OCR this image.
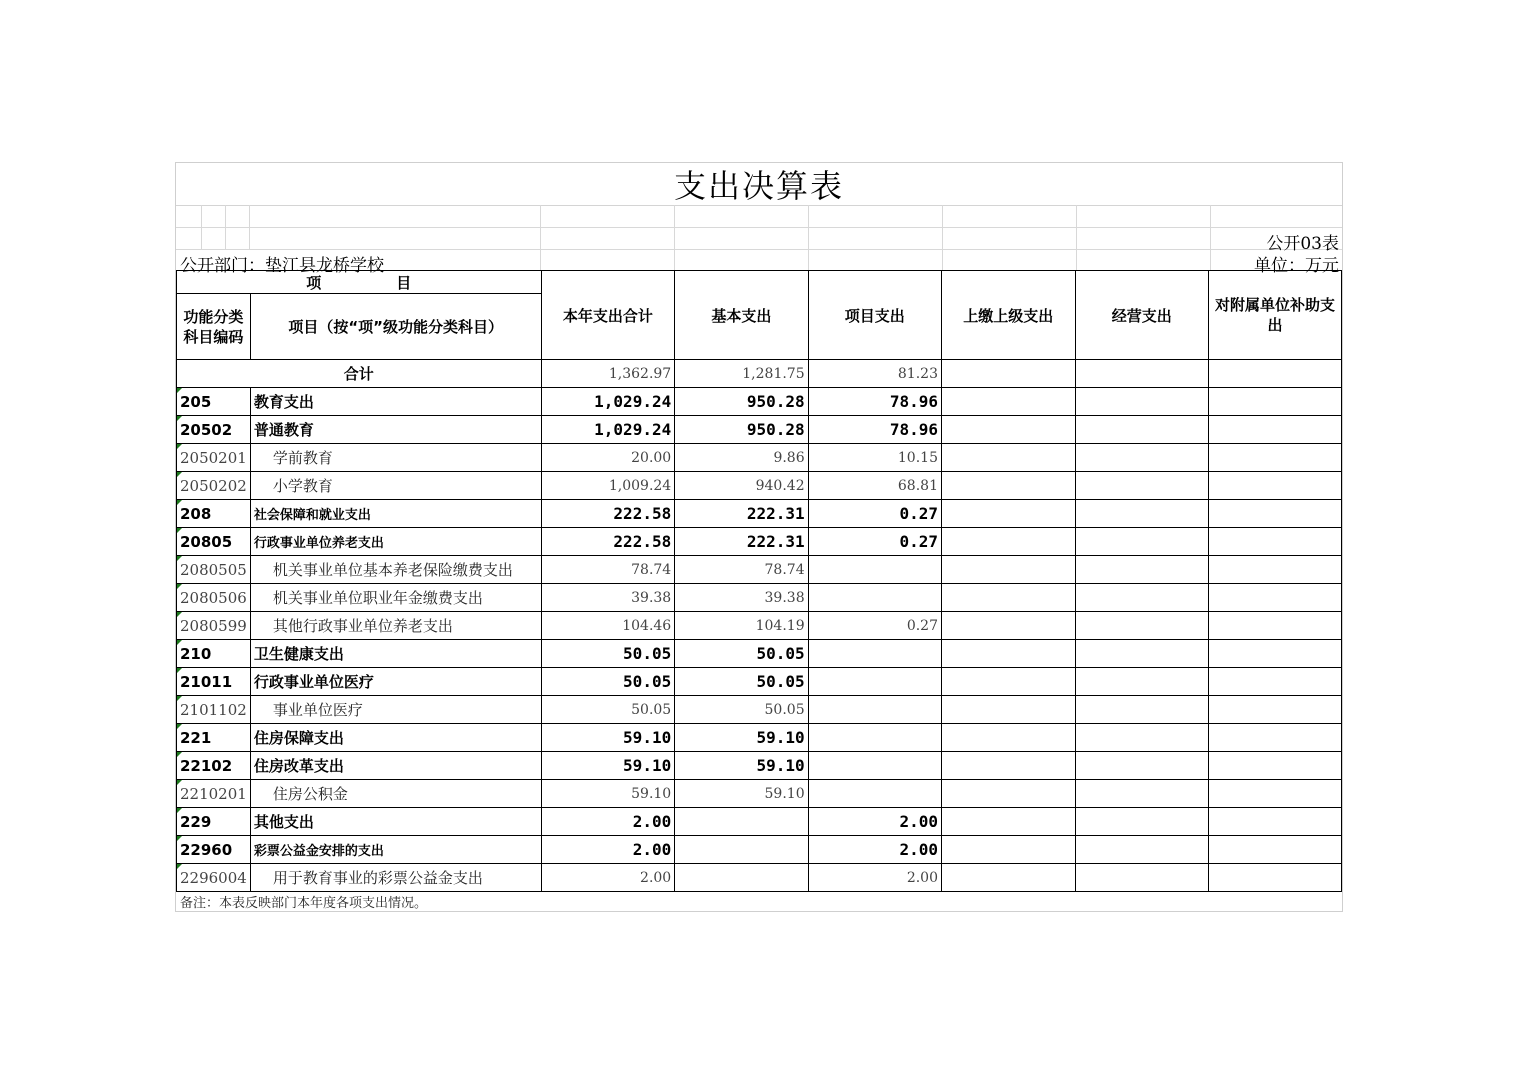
支出决算表
公开03表
公开部门：垫江县龙桥学校	单位：万元
项　　　　　目		本年支出合计	基本支出	项目支出	上缴上级支出	经营支出	对附属单位补助支出
功能分类科目编码	项目（按“项”级功能分类科目）						
合计		1,362.97	1,281.75	81.23			
205	教育支出	1,029.24	950.28	78.96			
20502	普通教育	1,029.24	950.28	78.96			
2050201	学前教育	20.00	9.86	10.15			
2050202	小学教育	1,009.24	940.42	68.81			
208	社会保障和就业支出	222.58	222.31	0.27			
20805	行政事业单位养老支出	222.58	222.31	0.27			
2080505	机关事业单位基本养老保险缴费支出	78.74	78.74				
2080506	机关事业单位职业年金缴费支出	39.38	39.38				
2080599	其他行政事业单位养老支出	104.46	104.19	0.27			
210	卫生健康支出	50.05	50.05				
21011	行政事业单位医疗	50.05	50.05				
2101102	事业单位医疗	50.05	50.05				
221	住房保障支出	59.10	59.10				
22102	住房改革支出	59.10	59.10				
2210201	住房公积金	59.10	59.10				
229	其他支出	2.00		2.00			
22960	彩票公益金安排的支出	2.00		2.00			
2296004	用于教育事业的彩票公益金支出	2.00		2.00			
备注：本表反映部门本年度各项支出情况。
